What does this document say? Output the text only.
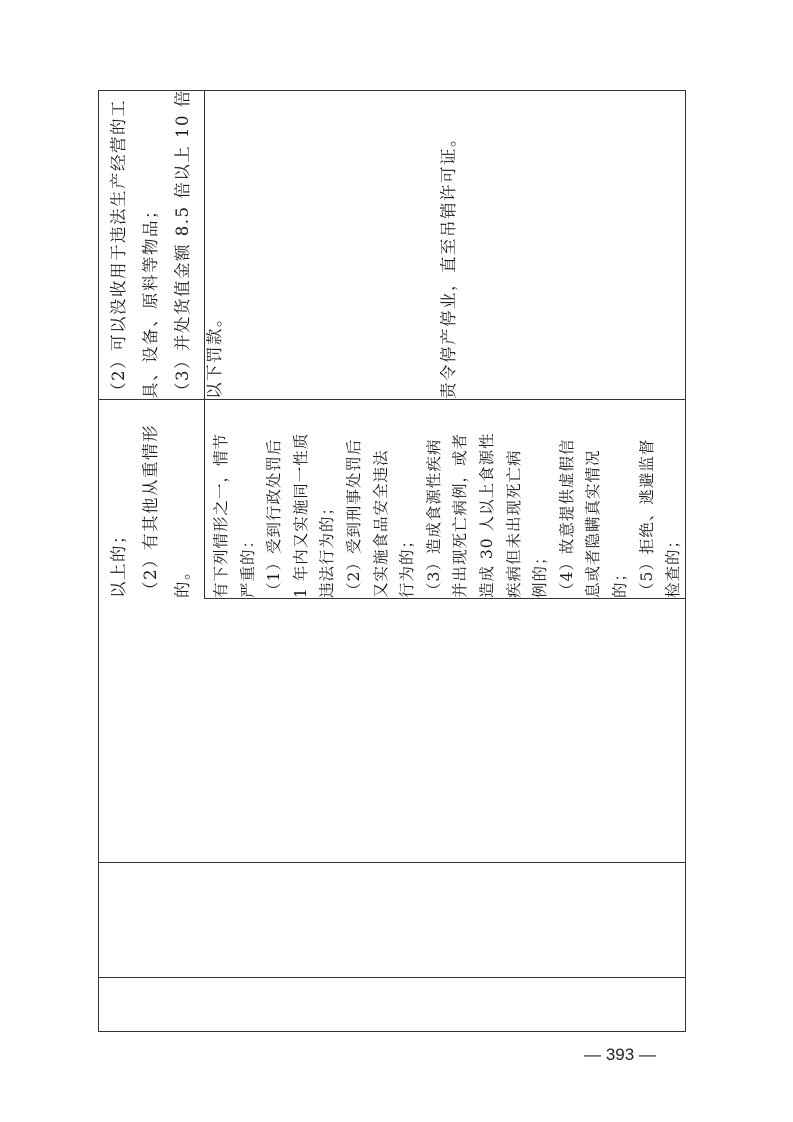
（2）可以没收用于违法生产经营的工 具、设备、原料等物品； （3）并处货值金额 8.5 倍以上 10 倍 以下罚款。
以上的； （2）有其他从重情形 的。	有下列情形之一，情节 严重的： （1）受到行政处罚后 1 年内又实施同一性质 违法行为的； （2）受到刑事处罚后 又实施食品安全违法 行为的； （3）造成食源性疾病 并出现死亡病例，或者 造成 30 人以上食源性 疾病但未出现死亡病 例的； （4）故意提供虚假信 息或者隐瞒真实情况 的； （5）拒绝、逃避监督 检查的；
责令停产停业，直至吊销许可证。
— 393 —
